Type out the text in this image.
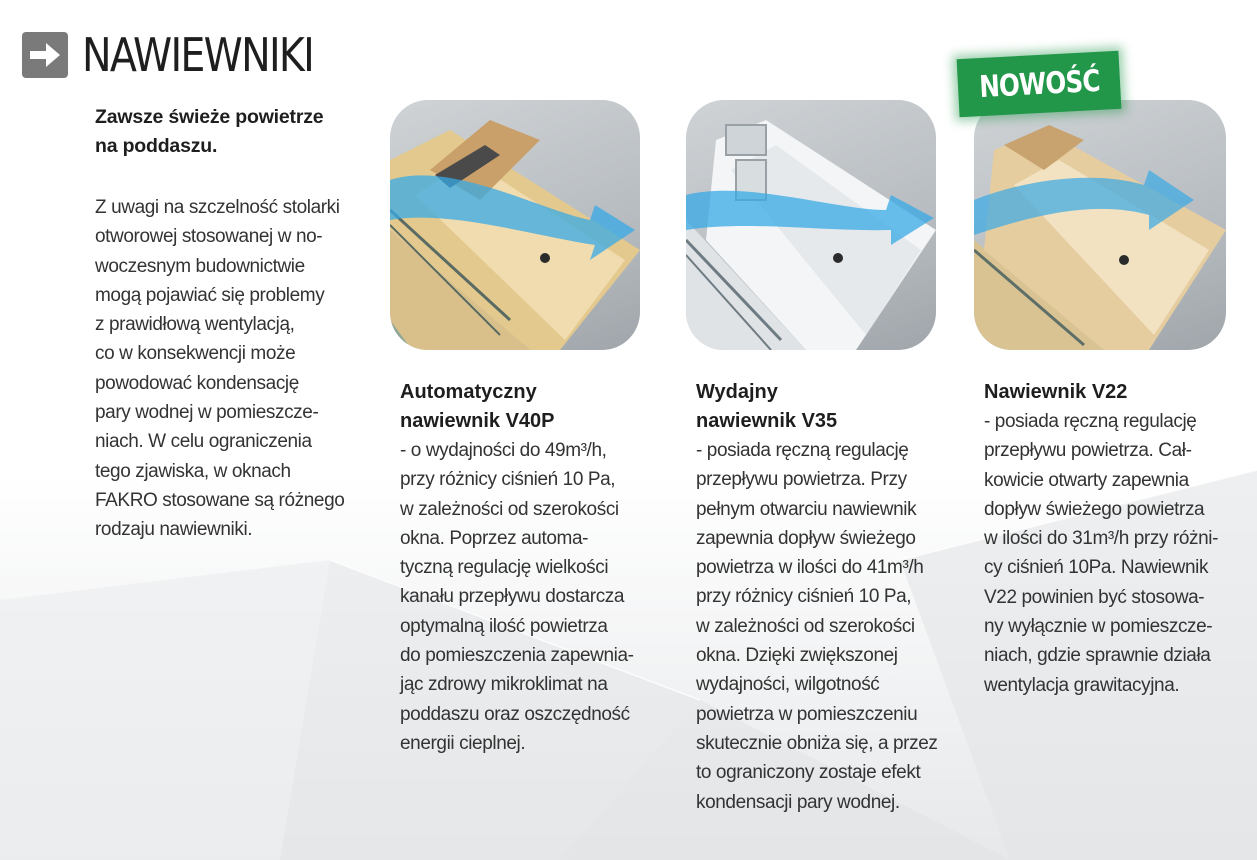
NAWIEWNIKI

Zawsze świeże powietrze
na poddaszu.

Z uwagi na szczelność stolarki
otworowej stosowanej w no-
woczesnym budownictwie
mogą pojawiać się problemy
z prawidłową wentylacją,
co w konsekwencji może
powodować kondensację
pary wodnej w pomieszcze-
niach. W celu ograniczenia
tego zjawiska, w oknach
FAKRO stosowane są różnego
rodzaju nawiewniki.

NOWOŚĆ

Automatyczny
nawiewnik V40P

- o wydajności do 49m³/h,
przy różnicy ciśnień 10 Pa,
w zależności od szerokości
okna. Poprzez automa-
tyczną regulację wielkości
kanału przepływu dostarcza
optymalną ilość powietrza
do pomieszczenia zapewnia-
jąc zdrowy mikroklimat na
poddaszu oraz oszczędność
energii cieplnej.

Wydajny
nawiewnik V35

- posiada ręczną regulację
przepływu powietrza. Przy
pełnym otwarciu nawiewnik
zapewnia dopływ świeżego
powietrza w ilości do 41m³/h
przy różnicy ciśnień 10 Pa,
w zależności od szerokości
okna. Dzięki zwiększonej
wydajności, wilgotność
powietrza w pomieszczeniu
skutecznie obniża się, a przez
to ograniczony zostaje efekt
kondensacji pary wodnej.

Nawiewnik V22

- posiada ręczną regulację
przepływu powietrza. Cał-
kowicie otwarty zapewnia
dopływ świeżego powietrza
w ilości do 31m³/h przy różni-
cy ciśnień 10Pa. Nawiewnik
V22 powinien być stosowa-
ny wyłącznie w pomieszcze-
niach, gdzie sprawnie działa
wentylacja grawitacyjna.
